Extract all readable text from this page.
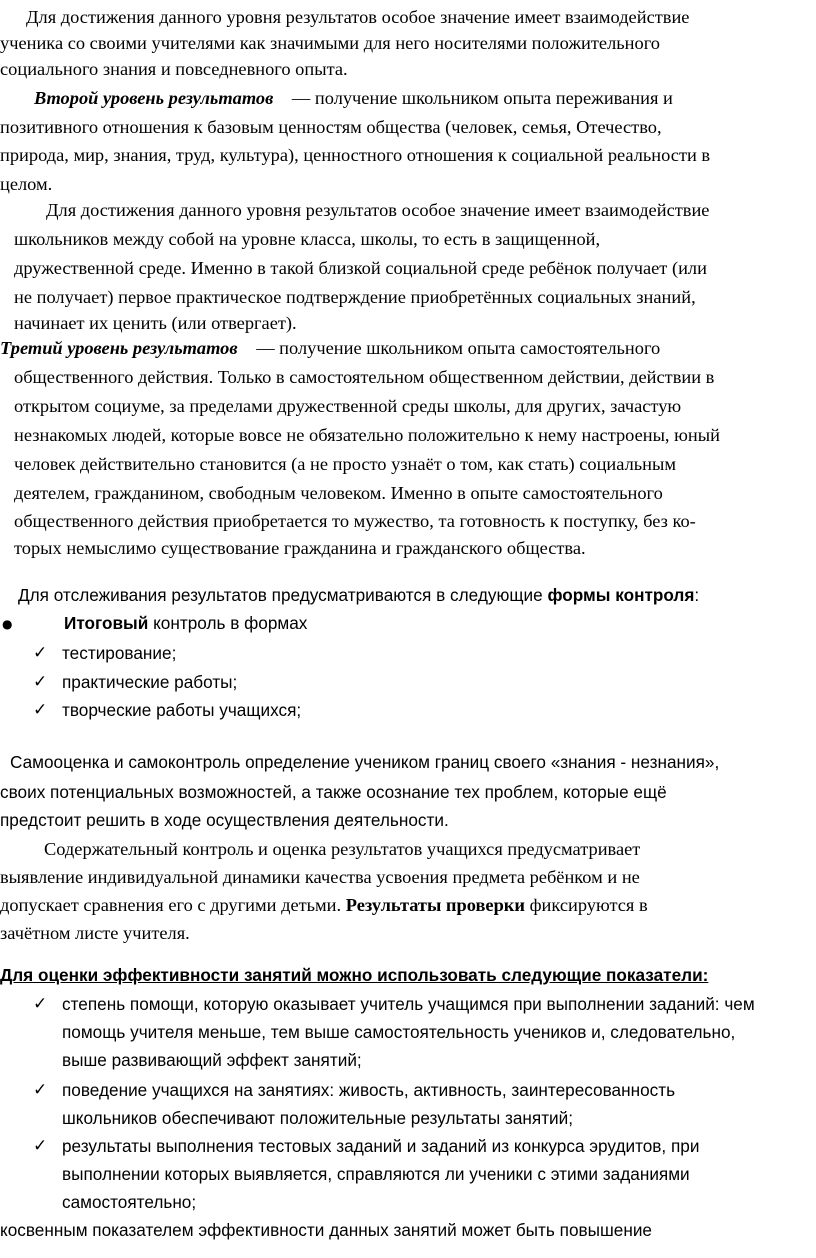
Для достижения данного уровня результатов особое значение имеет взаимодействие
ученика со своими учителями как значимыми для него носителями положительного
социального знания и повседневного опыта.
Второй уровень результатов — получение школьником опыта переживания и
позитивного отношения к базовым ценностям общества (человек, семья, Отечество,
природа, мир, знания, труд, культура), ценностного отношения к социальной реальности в
целом.
Для достижения данного уровня результатов особое значение имеет взаимодействие
школьников между собой на уровне класса, школы, то есть в защищенной,
дружественной среде. Именно в такой близкой социальной среде ребёнок получает (или
не получает) первое практическое подтверждение приобретённых социальных знаний,
начинает их ценить (или отвергает).
Третий уровень результатов — получение школьником опыта самостоятельного
общественного действия. Только в самостоятельном общественном действии, действии в
открытом социуме, за пределами дружественной среды школы, для других, зачастую
незнакомых людей, которые вовсе не обязательно положительно к нему настроены, юный
человек действительно становится (а не просто узнаёт о том, как стать) социальным
деятелем, гражданином, свободным человеком. Именно в опыте самостоятельного
общественного действия приобретается то мужество, та готовность к поступку, без ко-
торых немыслимо существование гражданина и гражданского общества.
Для отслеживания результатов предусматриваются в следующие формы контроля:
●	Итоговый контроль в формах
✓ тестирование;
✓ практические работы;
✓ творческие работы учащихся;
Самооценка и самоконтроль определение учеником границ своего «знания - незнания»,
своих потенциальных возможностей, а также осознание тех проблем, которые ещё
предстоит решить в ходе осуществления деятельности.
Содержательный контроль и оценка результатов учащихся предусматривает
выявление индивидуальной динамики качества усвоения предмета ребёнком и не
допускает сравнения его с другими детьми. Результаты проверки фиксируются в
зачётном листе учителя.
Для оценки эффективности занятий можно использовать следующие показатели:
✓ степень помощи, которую оказывает учитель учащимся при выполнении заданий: чем
помощь учителя меньше, тем выше самостоятельность учеников и, следовательно,
выше развивающий эффект занятий;
✓ поведение учащихся на занятиях: живость, активность, заинтересованность
школьников обеспечивают положительные результаты занятий;
✓ результаты выполнения тестовых заданий и заданий из конкурса эрудитов, при
выполнении которых выявляется, справляются ли ученики с этими заданиями
самостоятельно;
косвенным показателем эффективности данных занятий может быть повышение
